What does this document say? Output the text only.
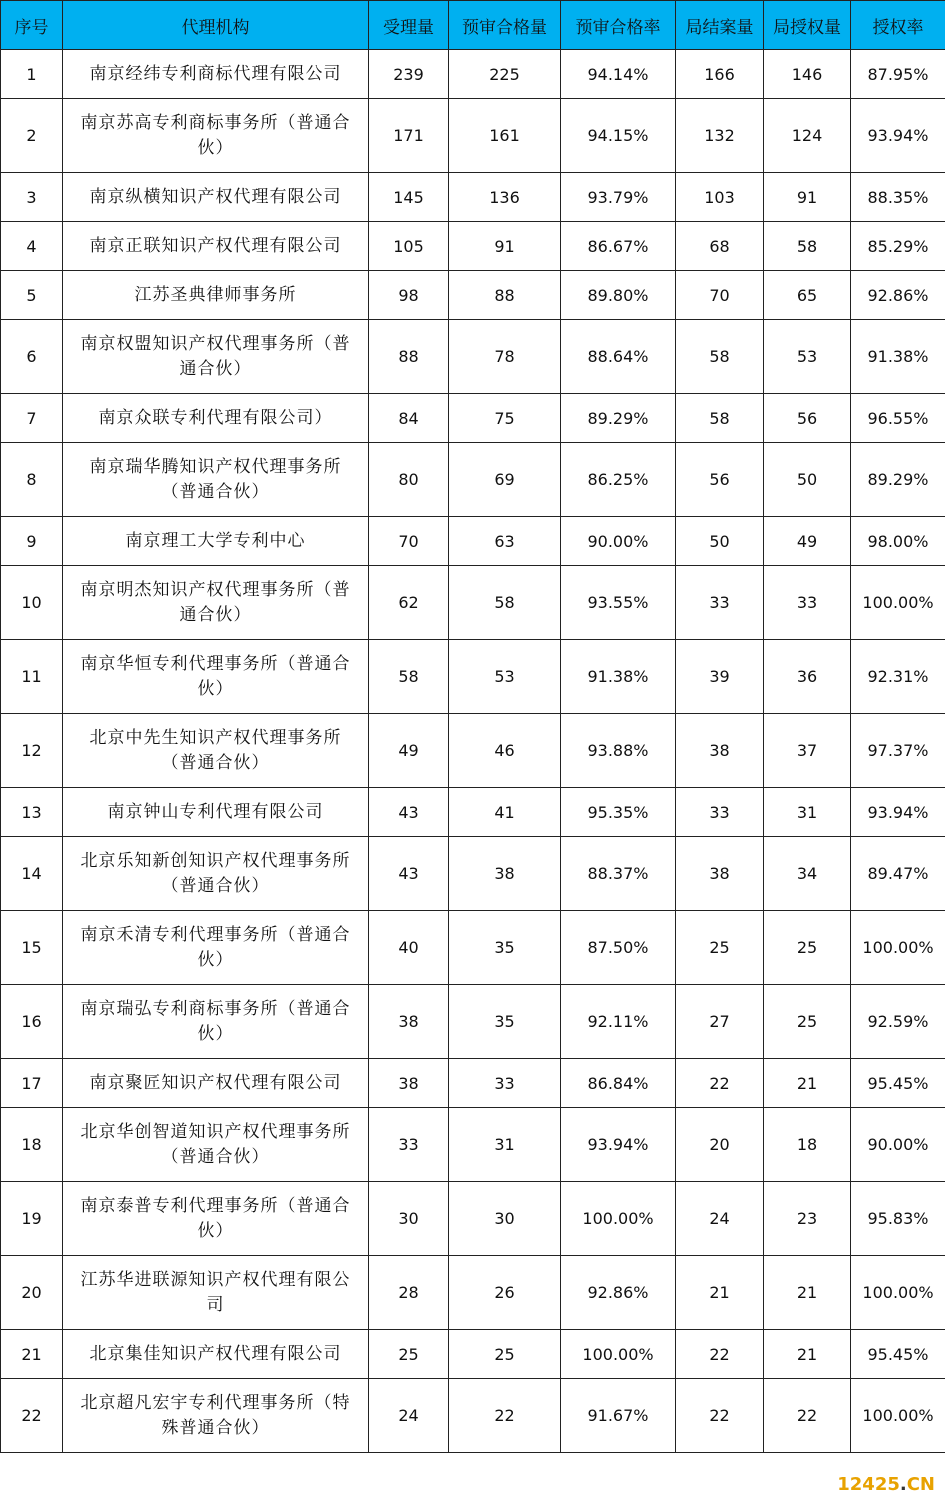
序号	代理机构	受理量	预审合格量	预审合格率	局结案量	局授权量	授权率
1	南京经纬专利商标代理有限公司	239	225	94.14%	166	146	87.95%
2	南京苏高专利商标事务所（普通合伙）	171	161	94.15%	132	124	93.94%
3	南京纵横知识产权代理有限公司	145	136	93.79%	103	91	88.35%
4	南京正联知识产权代理有限公司	105	91	86.67%	68	58	85.29%
5	江苏圣典律师事务所	98	88	89.80%	70	65	92.86%
6	南京权盟知识产权代理事务所（普通合伙）	88	78	88.64%	58	53	91.38%
7	南京众联专利代理有限公司）	84	75	89.29%	58	56	96.55%
8	南京瑞华腾知识产权代理事务所（普通合伙）	80	69	86.25%	56	50	89.29%
9	南京理工大学专利中心	70	63	90.00%	50	49	98.00%
10	南京明杰知识产权代理事务所（普通合伙）	62	58	93.55%	33	33	100.00%
11	南京华恒专利代理事务所（普通合伙）	58	53	91.38%	39	36	92.31%
12	北京中先生知识产权代理事务所（普通合伙）	49	46	93.88%	38	37	97.37%
13	南京钟山专利代理有限公司	43	41	95.35%	33	31	93.94%
14	北京乐知新创知识产权代理事务所（普通合伙）	43	38	88.37%	38	34	89.47%
15	南京禾清专利代理事务所（普通合伙）	40	35	87.50%	25	25	100.00%
16	南京瑞弘专利商标事务所（普通合伙）	38	35	92.11%	27	25	92.59%
17	南京聚匠知识产权代理有限公司	38	33	86.84%	22	21	95.45%
18	北京华创智道知识产权代理事务所（普通合伙）	33	31	93.94%	20	18	90.00%
19	南京泰普专利代理事务所（普通合伙）	30	30	100.00%	24	23	95.83%
20	江苏华进联源知识产权代理有限公司	28	26	92.86%	21	21	100.00%
21	北京集佳知识产权代理有限公司	25	25	100.00%	22	21	95.45%
22	北京超凡宏宇专利代理事务所（特殊普通合伙）	24	22	91.67%	22	22	100.00%
12425.CN
